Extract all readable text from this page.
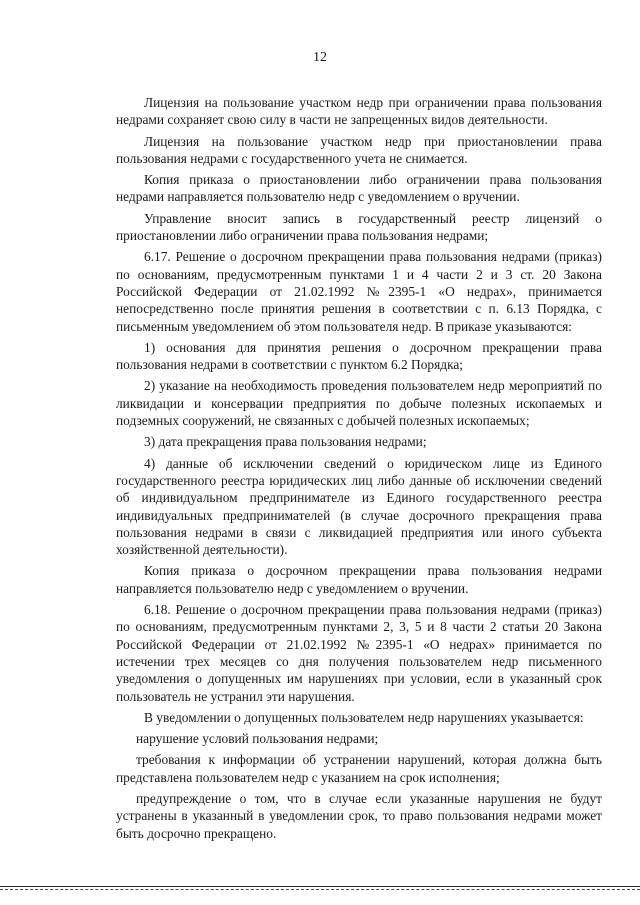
12

Лицензия на пользование участком недр при ограничении права пользования недрами сохраняет свою силу в части не запрещенных видов деятельности.

Лицензия на пользование участком недр при приостановлении права пользования недрами с государственного учета не снимается.

Копия приказа о приостановлении либо ограничении права пользования недрами направляется пользователю недр с уведомлением о вручении.

Управление вносит запись в государственный реестр лицензий о приостановлении либо ограничении права пользования недрами;

6.17. Решение о досрочном прекращении права пользования недрами (приказ) по основаниям, предусмотренным пунктами 1 и 4 части 2 и 3 ст. 20 Закона Российской Федерации от 21.02.1992 №2395-1 «О недрах», принимается непосредственно после принятия решения в соответствии с п. 6.13 Порядка, с письменным уведомлением об этом пользователя недр. В приказе указываются:

1) основания для принятия решения о досрочном прекращении права пользования недрами в соответствии с пунктом 6.2 Порядка;

2) указание на необходимость проведения пользователем недр мероприятий по ликвидации и консервации предприятия по добыче полезных ископаемых и подземных сооружений, не связанных с добычей полезных ископаемых;

3) дата прекращения права пользования недрами;

4) данные об исключении сведений о юридическом лице из Единого государственного реестра юридических лиц либо данные об исключении сведений об индивидуальном предпринимателе из Единого государственного реестра индивидуальных предпринимателей (в случае досрочного прекращения права пользования недрами в связи с ликвидацией предприятия или иного субъекта хозяйственной деятельности).

Копия приказа о досрочном прекращении права пользования недрами направляется пользователю недр с уведомлением о вручении.

6.18. Решение о досрочном прекращении права пользования недрами (приказ) по основаниям, предусмотренным пунктами 2, 3, 5 и 8 части 2 статьи 20 Закона Российской Федерации от 21.02.1992 №2395-1 «О недрах» принимается по истечении трех месяцев со дня получения пользователем недр письменного уведомления о допущенных им нарушениях при условии, если в указанный срок пользователь не устранил эти нарушения.

В уведомлении о допущенных пользователем недр нарушениях указывается:

нарушение условий пользования недрами;

требования к информации об устранении нарушений, которая должна быть представлена пользователем недр с указанием на срок исполнения;

предупреждение о том, что в случае если указанные нарушения не будут устранены в указанный в уведомлении срок, то право пользования недрами может быть досрочно прекращено.
